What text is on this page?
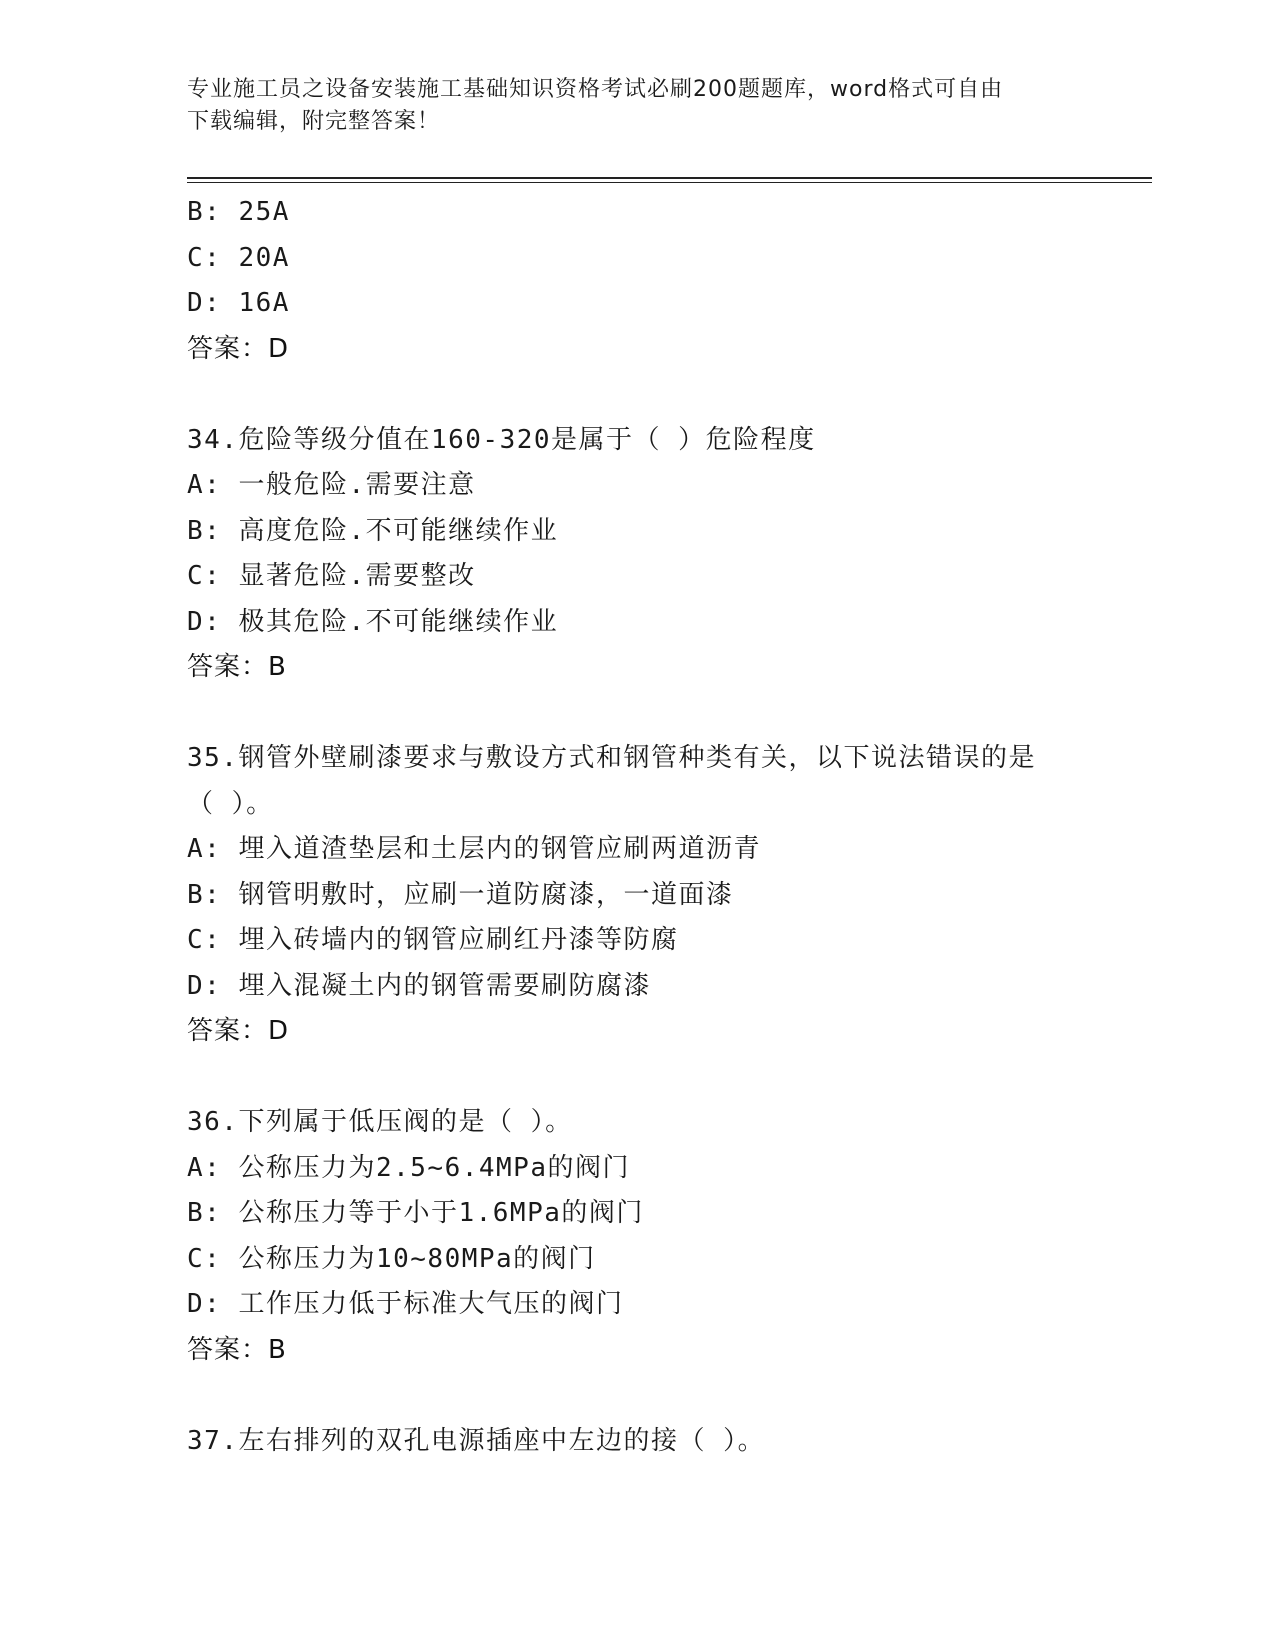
专业施工员之设备安装施工基础知识资格考试必刷200题题库，word格式可自由
下载编辑，附完整答案！
B: 25A
C: 20A
D: 16A
答案：D
34.危险等级分值在160-320是属于（ ）危险程度
A: 一般危险.需要注意
B: 高度危险.不可能继续作业
C: 显著危险.需要整改
D: 极其危险.不可能继续作业
答案：B
35.钢管外壁刷漆要求与敷设方式和钢管种类有关，以下说法错误的是
（ ）。
A: 埋入道渣垫层和土层内的钢管应刷两道沥青
B: 钢管明敷时，应刷一道防腐漆，一道面漆
C: 埋入砖墙内的钢管应刷红丹漆等防腐
D: 埋入混凝土内的钢管需要刷防腐漆
答案：D
36.下列属于低压阀的是（ ）。
A: 公称压力为2.5~6.4MPa的阀门
B: 公称压力等于小于1.6MPa的阀门
C: 公称压力为10~80MPa的阀门
D: 工作压力低于标准大气压的阀门
答案：B
37.左右排列的双孔电源插座中左边的接（ ）。
